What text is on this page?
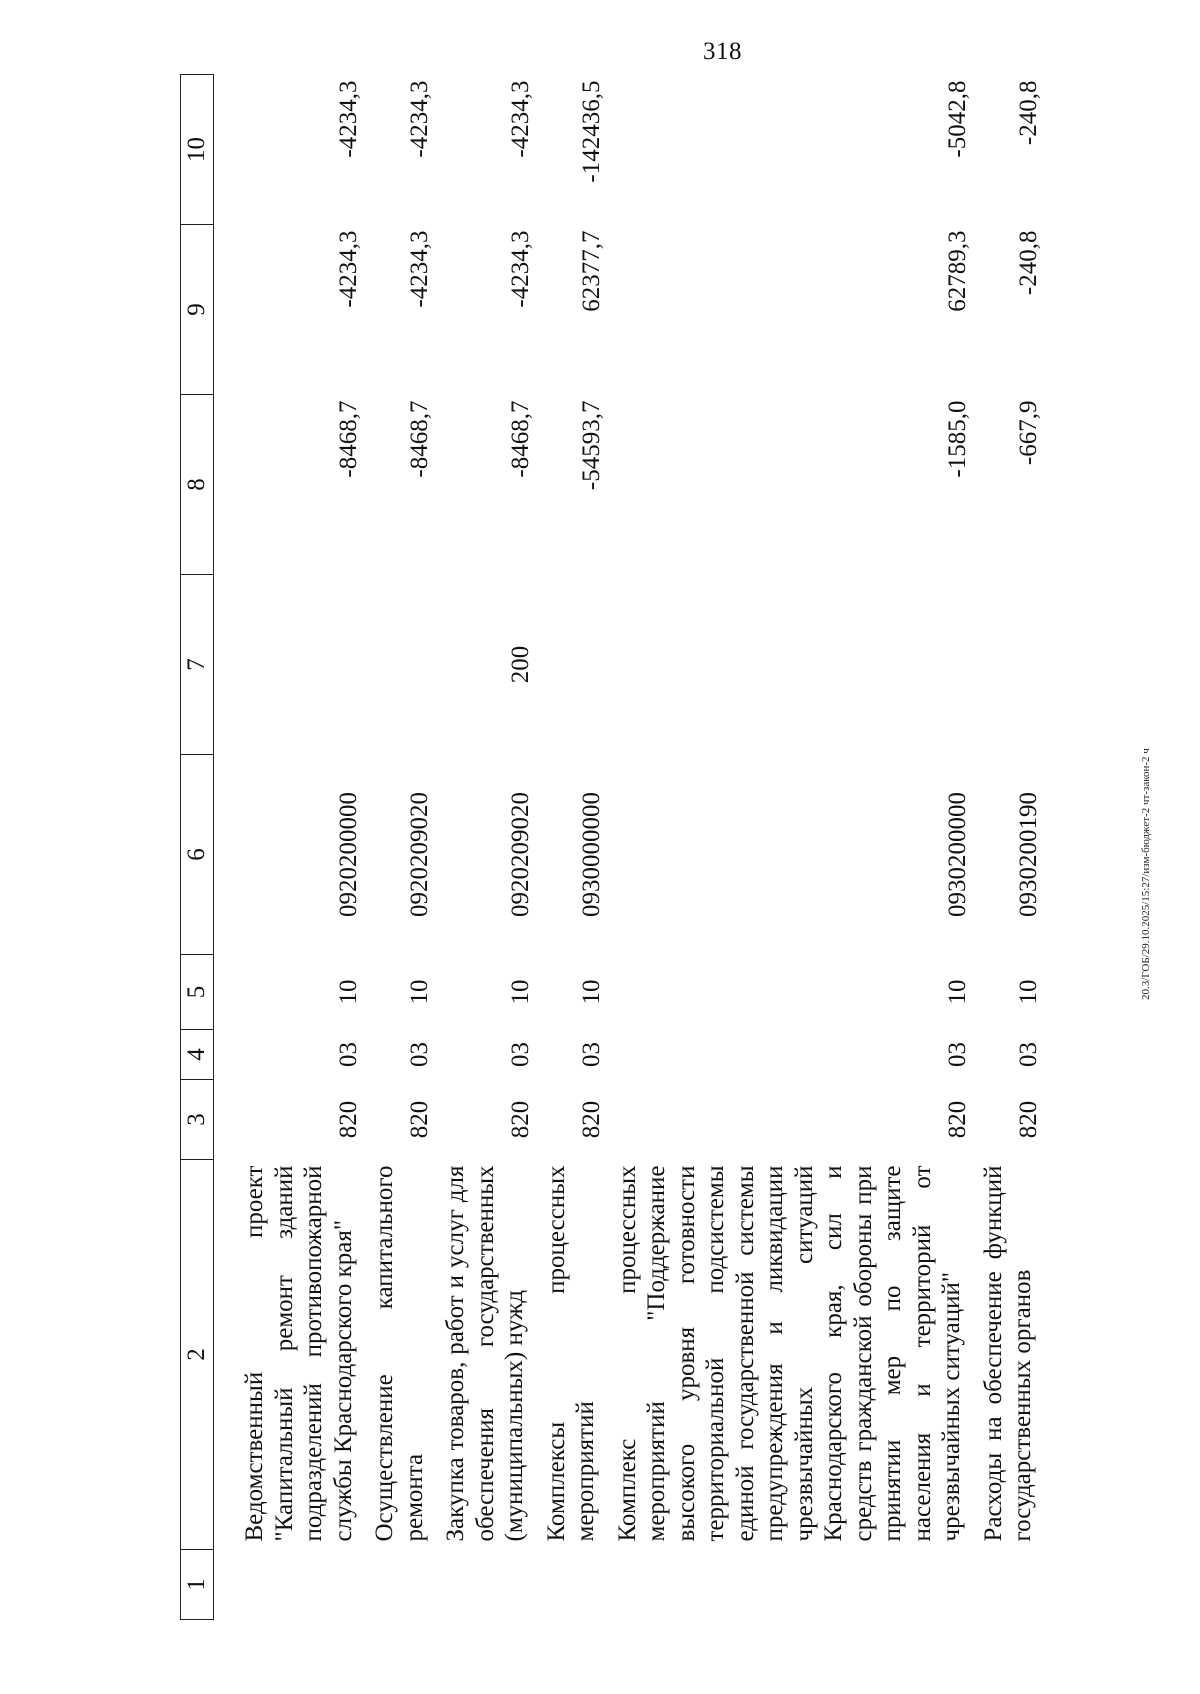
318
20.3/ГОБ/29.10.2025/15:27/изм-бюджет-2 чт-закон-2 ч
1	2	3	4	5	6	7	8	9	10
	Ведомственный проект "Капитальный ремонт зданий подразделений противопожарной службы Краснодарского края"	820	03	10	0920200000		-8468,7	-4234,3	-4234,3
	Осуществление капитального ремонта	820	03	10	0920209020		-8468,7	-4234,3	-4234,3
	Закупка товаров, работ и услуг для обеспечения государственных (муниципальных) нужд	820	03	10	0920209020	200	-8468,7	-4234,3	-4234,3
	Комплексы процессных мероприятий	820	03	10	0930000000		-54593,7	62377,7	-142436,5
	Комплекс процессных мероприятий "Поддержание высокого уровня готовности территориальной подсистемы единой государственной системы предупреждения и ликвидации чрезвычайных ситуаций Краснодарского края, сил и средств гражданской обороны при принятии мер по защите населения и территорий от чрезвычайных ситуаций"	820	03	10	0930200000		-1585,0	62789,3	-5042,8
	Расходы на обеспечение функций государственных органов	820	03	10	0930200190		-667,9	-240,8	-240,8
